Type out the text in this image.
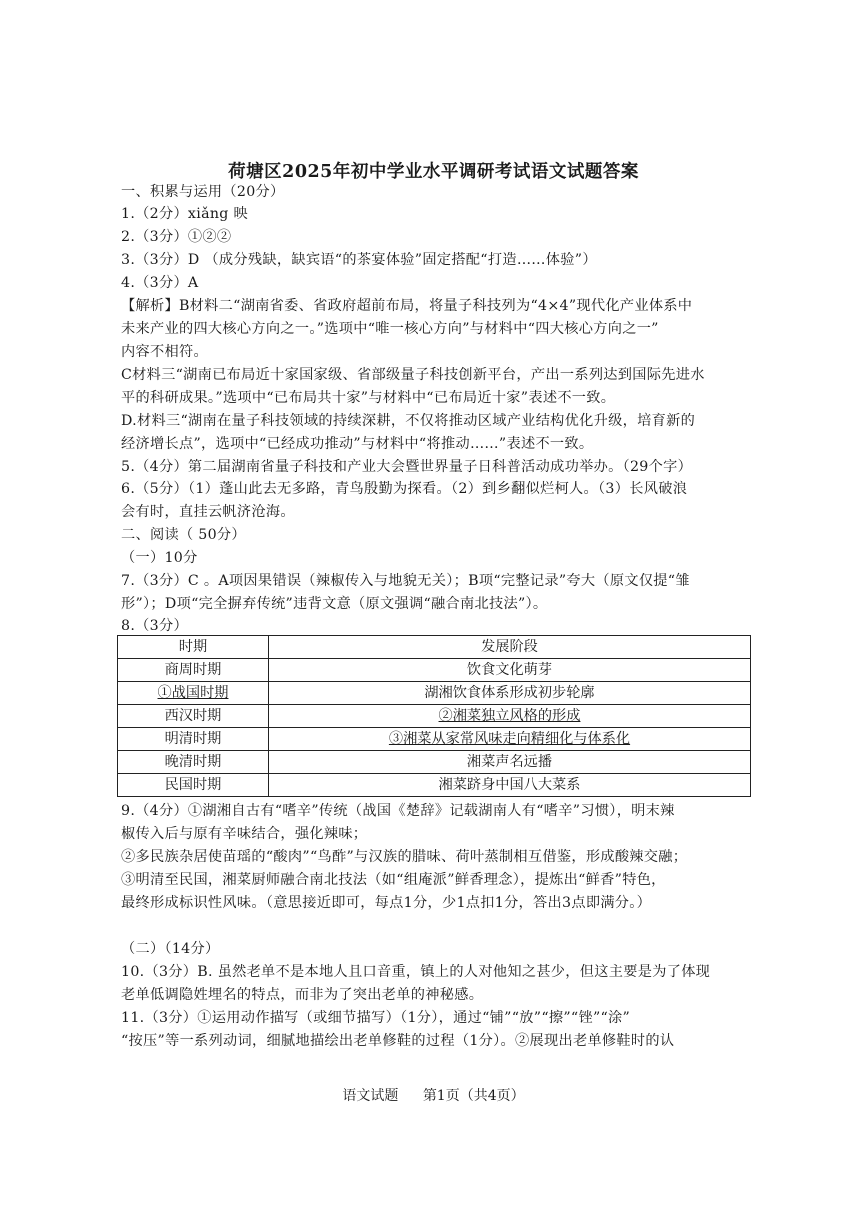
荷塘区2025年初中学业水平调研考试语文试题答案
一、积累与运用（20分）
1.（2分）xiǎng 映
2.（3分）①②②
3.（3分）D （成分残缺，缺宾语“的茶宴体验”固定搭配“打造……体验”）
4.（3分）A
【解析】B材料二“湖南省委、省政府超前布局，将量子科技列为“4×4”现代化产业体系中
未来产业的四大核心方向之一。”选项中“唯一核心方向”与材料中“四大核心方向之一”
内容不相符。
C材料三“湖南已布局近十家国家级、省部级量子科技创新平台，产出一系列达到国际先进水
平的科研成果。”选项中“已布局共十家”与材料中“已布局近十家”表述不一致。
D.材料三“湖南在量子科技领域的持续深耕，不仅将推动区域产业结构优化升级，培育新的
经济增长点”，选项中“已经成功推动”与材料中“将推动……”表述不一致。
5.（4分）第二届湖南省量子科技和产业大会暨世界量子日科普活动成功举办。（29个字）
6.（5分）（1）蓬山此去无多路，青鸟殷勤为探看。（2）到乡翻似烂柯人。（3）长风破浪
会有时，直挂云帆济沧海。
二、阅读（ 50分）
（一）10分
7.（3分）C 。A项因果错误（辣椒传入与地貌无关）；B项“完整记录”夸大（原文仅提“雏
形”）；D项“完全摒弃传统”违背文意（原文强调“融合南北技法”）。
8.（3分）
时期	发展阶段
商周时期	饮食文化萌芽
①战国时期	湖湘饮食体系形成初步轮廓
西汉时期	②湘菜独立风格的形成
明清时期	③湘菜从家常风味走向精细化与体系化
晚清时期	湘菜声名远播
民国时期	湘菜跻身中国八大菜系
9.（4分）①湖湘自古有“嗜辛”传统（战国《楚辞》记载湖南人有“嗜辛”习惯），明末辣
椒传入后与原有辛味结合，强化辣味；
②多民族杂居使苗瑶的“酸肉”“鸟酢”与汉族的腊味、荷叶蒸制相互借鉴，形成酸辣交融；
③明清至民国，湘菜厨师融合南北技法（如“组庵派”鲜香理念），提炼出“鲜香”特色，
最终形成标识性风味。（意思接近即可，每点1分，少1点扣1分，答出3点即满分。）
（二）（14分）
10.（3分）B. 虽然老单不是本地人且口音重，镇上的人对他知之甚少，但这主要是为了体现
老单低调隐姓埋名的特点，而非为了突出老单的神秘感。
11.（3分）①运用动作描写（或细节描写）（1分），通过“铺”“放”“擦”“锉”“涂”
“按压”等一系列动词，细腻地描绘出老单修鞋的过程（1分）。②展现出老单修鞋时的认
语文试题 第1页（共4页）
